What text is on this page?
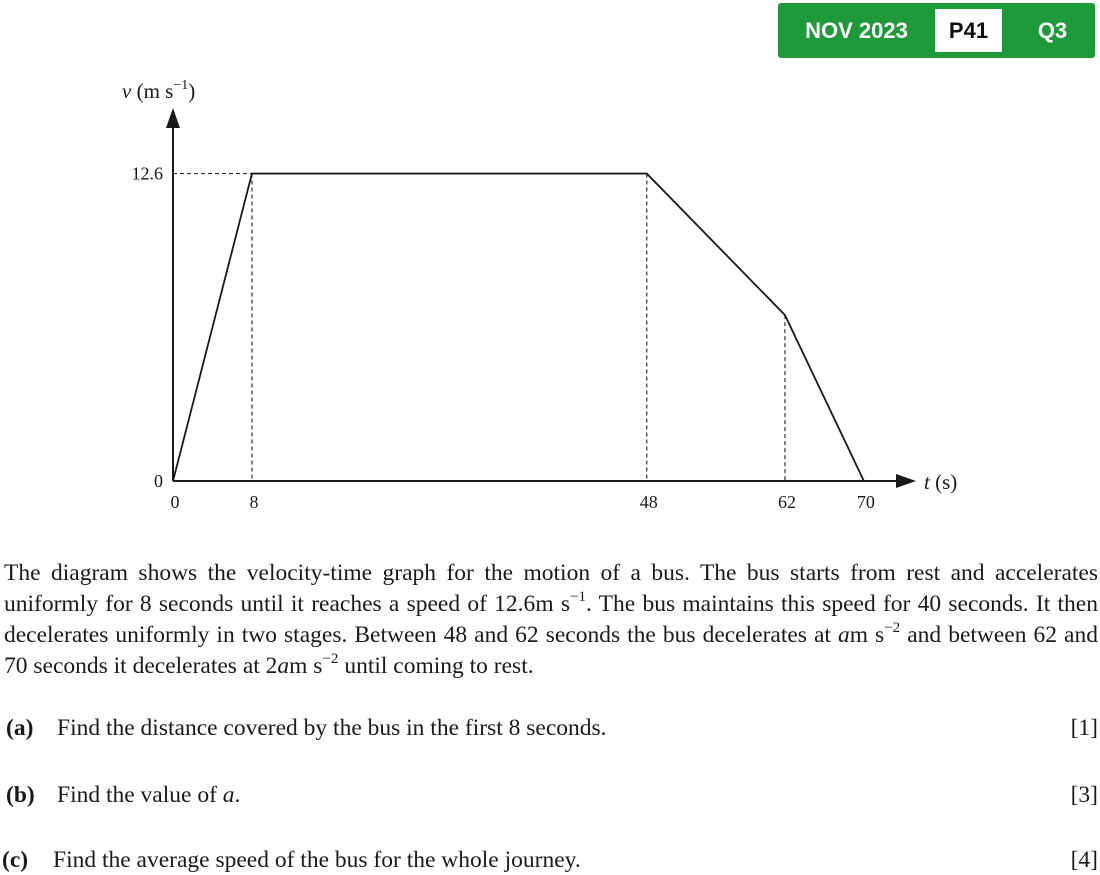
NOV 2023	P41	Q3
0	8	48	62	70
0
12.6
v (m $s^{-1}$)
t (s)
The diagram shows the velocity-time graph for the motion of a bus. The bus starts from rest and accelerates uniformly for 8 seconds until it reaches a speed of 12.6m $s^{-1}$. The bus maintains this speed for 40 seconds. It then decelerates uniformly in two stages. Between 48 and 62 seconds the bus decelerates at am $s^{-2}$ and between 62 and 70 seconds it decelerates at 2am $s^{-2}$ until coming to rest.
(a) Find the distance covered by the bus in the first 8 seconds.	[1]
(b) Find the value of a.	[3]
(c) Find the average speed of the bus for the whole journey.	[4]
